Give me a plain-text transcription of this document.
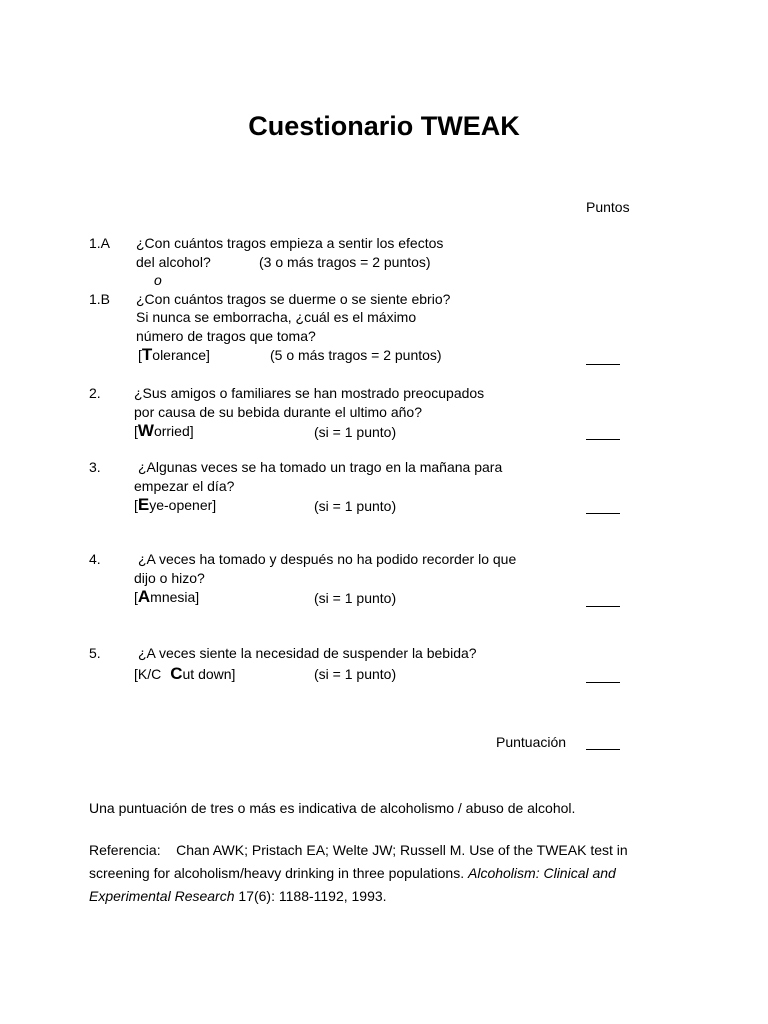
Cuestionario TWEAK
Puntos
1.A ¿Con cuántos tragos empieza a sentir los efectos
del alcohol?	(3 o más tragos = 2 puntos)
o
1.B ¿Con cuántos tragos se duerme o se siente ebrio?
Si nunca se emborracha, ¿cuál es el máximo
número de tragos que toma?
[Tolerance]	(5 o más tragos = 2 puntos)
2. ¿Sus amigos o familiares se han mostrado preocupados
por causa de su bebida durante el ultimo año?
[Worried]	(si = 1 punto)
3.	¿Algunas veces se ha tomado un trago en la mañana para
empezar el día?
[Eye-opener]	(si = 1 punto)
4.	¿A veces ha tomado y después no ha podido recorder lo que
dijo o hizo?
[Amnesia]	(si = 1 punto)
5.	¿A veces siente la necesidad de suspender la bebida?
[K/C Cut down]	(si = 1 punto)
Puntuación
Una puntuación de tres o más es indicativa de alcoholismo / abuso de alcohol.
Referencia: Chan AWK; Pristach EA; Welte JW; Russell M. Use of the TWEAK test in screening for alcoholism/heavy drinking in three populations. Alcoholism: Clinical and Experimental Research 17(6): 1188-1192, 1993.
